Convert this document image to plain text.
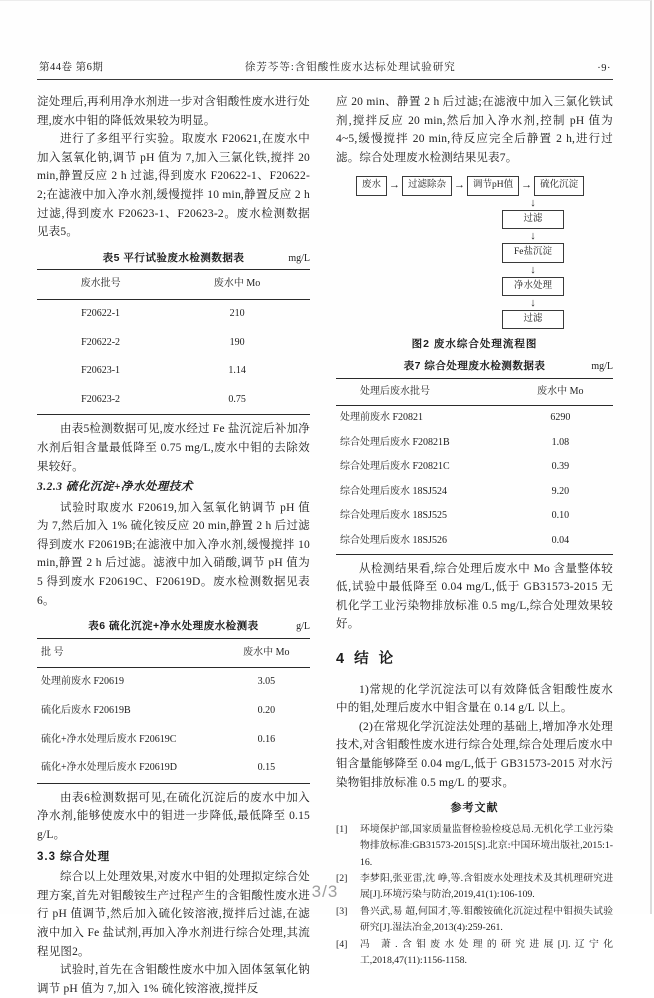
第44卷 第6期	徐芳芩等:含钼酸性废水达标处理试验研究	·9·

淀处理后,再利用净水剂进一步对含钼酸性废水进行处理,废水中钼的降低效果较为明显。

进行了多组平行实验。取废水 F20621,在废水中加入氢氧化钠,调节 pH 值为 7,加入三氯化铁,搅拌 20 min,静置反应 2 h 过滤,得到废水 F20622-1、F20622-2;在滤液中加入净水剂,缓慢搅拌 10 min,静置反应 2 h 过滤,得到废水 F20623-1、F20623-2。废水检测数据见表5。

表5 平行试验废水检测数据表	mg/L
废水批号	废水中 Mo
F20622-1	210
F20622-2	190
F20623-1	1.14
F20623-2	0.75

由表5检测数据可见,废水经过 Fe 盐沉淀后补加净水剂后钼含量最低降至 0.75 mg/L,废水中钼的去除效果较好。

3.2.3 硫化沉淀+净水处理技术

试验时取废水 F20619,加入氢氧化钠调节 pH 值为 7,然后加入 1% 硫化铵反应 20 min,静置 2 h 后过滤得到废水 F20619B;在滤液中加入净水剂,缓慢搅拌 10 min,静置 2 h 后过滤。滤液中加入硝酸,调节 pH 值为 5 得到废水 F20619C、F20619D。废水检测数据见表6。

表6 硫化沉淀+净水处理废水检测表	g/L
批 号	废水中 Mo
处理前废水 F20619	3.05
硫化后废水 F20619B	0.20
硫化+净水处理后废水 F20619C	0.16
硫化+净水处理后废水 F20619D	0.15

由表6检测数据可见,在硫化沉淀后的废水中加入净水剂,能够使废水中的钼进一步降低,最低降至 0.15 g/L。

3.3 综合处理

综合以上处理效果,对废水中钼的处理拟定综合处理方案,首先对钼酸铵生产过程产生的含钼酸性废水进行 pH 值调节,然后加入硫化铵溶液,搅拌后过滤,在滤液中加入 Fe 盐试剂,再加入净水剂进行综合处理,其流程见图2。

试验时,首先在含钼酸性废水中加入固体氢氧化钠调节 pH 值为 7,加入 1% 硫化铵溶液,搅拌反

应 20 min、静置 2 h 后过滤;在滤液中加入三氯化铁试剂,搅拌反应 20 min,然后加入净水剂,控制 pH 值为 4~5,缓慢搅拌 20 min,待反应完全后静置 2 h,进行过滤。综合处理废水检测结果见表7。

废水 → 过滤除杂 → 调节pH值 → 硫化沉淀
↓
过滤
↓
Fe盐沉淀
↓
净水处理
↓
过滤
图2 废水综合处理流程图
表7 综合处理废水检测数据表	mg/L
处理后废水批号	废水中 Mo
处理前废水 F20821	6290
综合处理后废水 F20821B	1.08
综合处理后废水 F20821C	0.39
综合处理后废水 18SJ524	9.20
综合处理后废水 18SJ525	0.10
综合处理后废水 18SJ526	0.04

从检测结果看,综合处理后废水中 Mo 含量整体较低,试验中最低降至 0.04 mg/L,低于 GB31573-2015 无机化学工业污染物排放标准 0.5 mg/L,综合处理效果较好。

4 结 论

1)常规的化学沉淀法可以有效降低含钼酸性废水中的钼,处理后废水中钼含量在 0.14 g/L 以上。

(2)在常规化学沉淀法处理的基础上,增加净水处理技术,对含钼酸性废水进行综合处理,综合处理后废水中钼含量能够降至 0.04 mg/L,低于 GB31573-2015 对水污染物钼排放标准 0.5 mg/L 的要求。

参考文献
[1]	环境保护部,国家质量监督检验检疫总局.无机化学工业污染物排放标准:GB31573-2015[S].北京:中国环境出版社,2015:1-16.
[2]	李梦阳,张亚雷,沈 峥,等.含钼废水处理技术及其机理研究进展[J].环境污染与防治,2019,41(1):106-109.
[3]	鲁兴武,易 超,何国才,等.钼酸铵硫化沉淀过程中钼损失试验研究[J].湿法冶金,2013(4):259-261.
[4]	冯 萧.含钼废水处理的研究进展[J].辽宁化工,2018,47(11):1156-1158.
3/3
